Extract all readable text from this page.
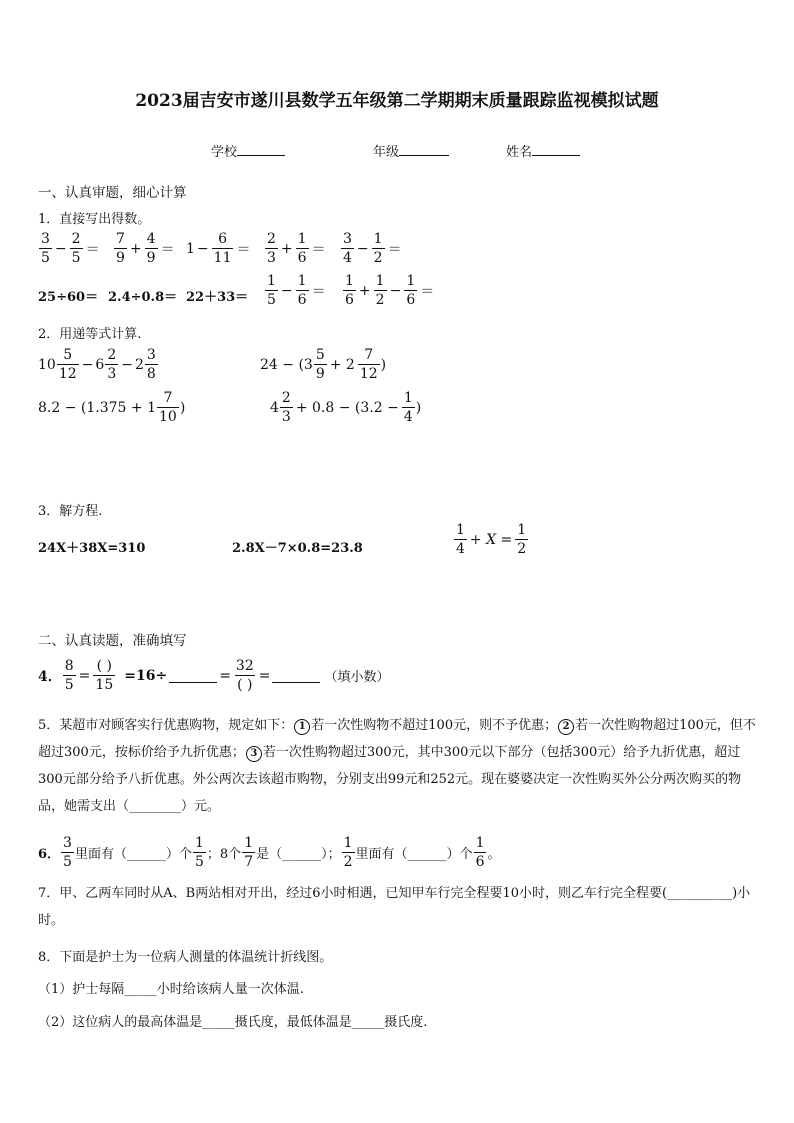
2023届吉安市遂川县数学五年级第二学期期末质量跟踪监视模拟试题
学校	年级	姓名
一、认真审题，细心计算
1．直接写出得数。
$\frac{3}{5} - \frac{2}{5} = \frac{7}{9} + \frac{4}{9} = 1 - \frac{6}{11} = \frac{2}{3} + \frac{1}{6} = \frac{3}{4} - \frac{1}{2}$ ＝
$25\div 60= 2.4\div 0.8= 22+33= \frac{1}{5} - \frac{1}{6} = \frac{1}{6} + \frac{1}{2} - \frac{1}{6}$ ＝
2．用递等式计算.
$10 \frac{5}{12} - 6 \frac{2}{3} - 2 \frac{3}{8}$	$24 - (3 \frac{5}{9} + 2 \frac{7}{12}$ )
$8.2 - (1.375 + 1 \frac{7}{10}$ )	$4 \frac{2}{3} + 0.8 - (3.2 - \frac{1}{4}$ )
3．解方程.
24X＋38X=310	2.8X－7×0.8=23.8	$\frac{1}{4} + X = \frac{1}{2}$
二、认真读题，准确填写
4． $\frac{8}{5} = \frac{( )}{15} =16\div$	= $\frac{32}{( )}$ =	（填小数）
5．某超市对顾客实行优惠购物，规定如下： 1 若一次性购物不超过100元，则不予优惠； 2 若一次性购物超过100元，但不超过300元，按标价给予九折优惠； 3 若一次性购物超过300元，其中300元以下部分（包括300元）给予九折优惠，超过300元部分给予八折优惠。外公两次去该超市购物，分别支出99元和252元。现在婆婆决定一次性购买外公分两次购买的物品，她需支出（________）元。
6． $\frac{3}{5}$ 里面有（______）个 $\frac{1}{5}$ ；8个 $\frac{1}{7}$ 是（______）； $\frac{1}{2}$ 里面有（______）个 $\frac{1}{6}$ 。
7．甲、乙两车同时从A、B两站相对开出，经过6小时相遇，已知甲车行完全程要10小时，则乙车行完全程要(__________)小时。
8．下面是护士为一位病人测量的体温统计折线图。
（1）护士每隔_____小时给该病人量一次体温.
（2）这位病人的最高体温是_____摄氏度，最低体温是_____摄氏度.
